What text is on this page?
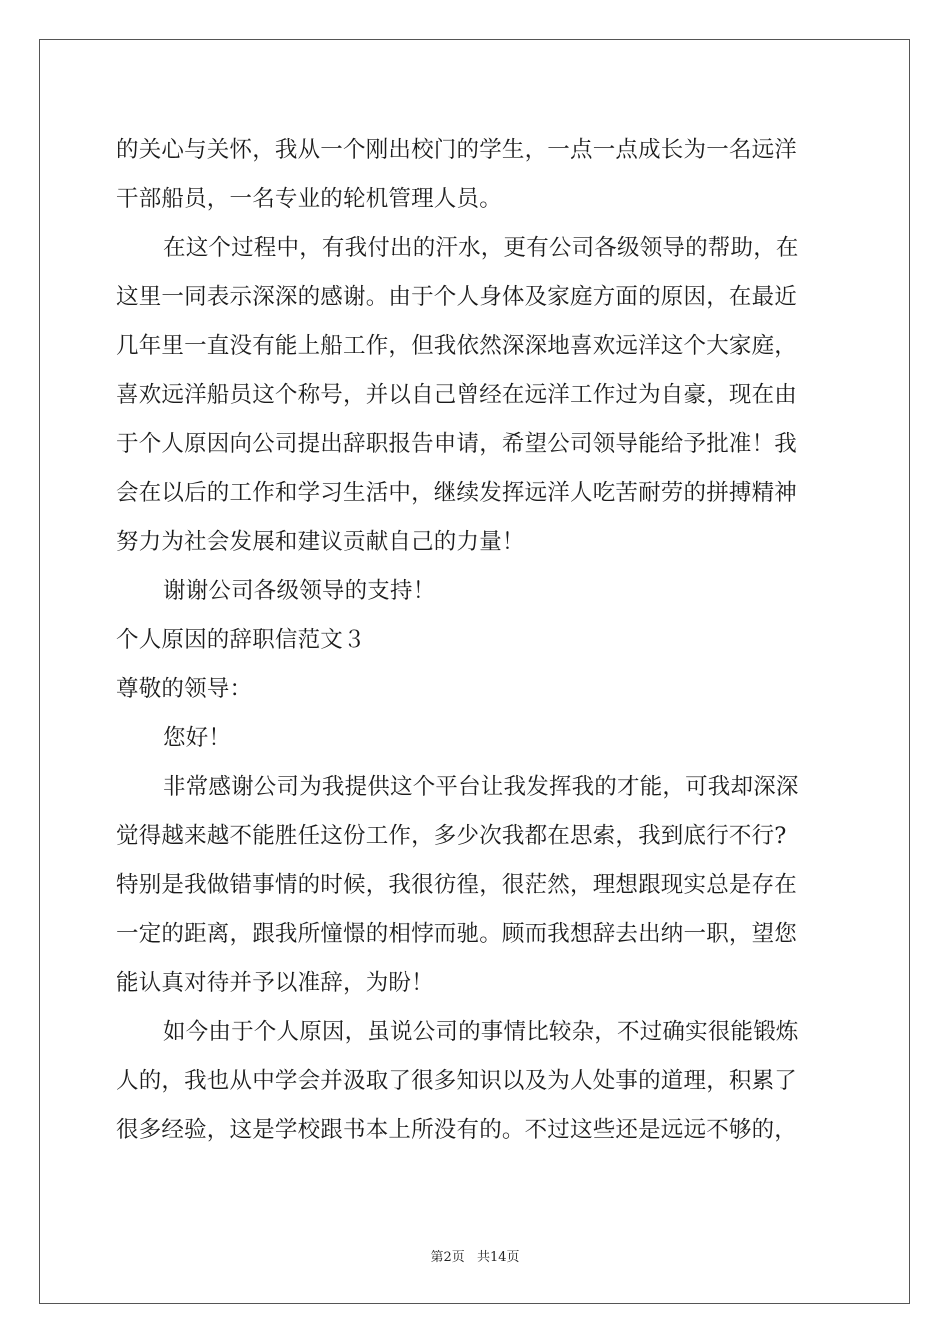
的关心与关怀，我从一个刚出校门的学生，一点一点成长为一名远洋
干部船员，一名专业的轮机管理人员。
在这个过程中，有我付出的汗水，更有公司各级领导的帮助，在
这里一同表示深深的感谢。由于个人身体及家庭方面的原因，在最近
几年里一直没有能上船工作，但我依然深深地喜欢远洋这个大家庭，
喜欢远洋船员这个称号，并以自己曾经在远洋工作过为自豪，现在由
于个人原因向公司提出辞职报告申请，希望公司领导能给予批准！我
会在以后的工作和学习生活中，继续发挥远洋人吃苦耐劳的拼搏精神
努力为社会发展和建议贡献自己的力量！
谢谢公司各级领导的支持！
个人原因的辞职信范文３
尊敬的领导：
您好！
非常感谢公司为我提供这个平台让我发挥我的才能，可我却深深
觉得越来越不能胜任这份工作，多少次我都在思索，我到底行不行?
特别是我做错事情的时候，我很彷徨，很茫然，理想跟现实总是存在
一定的距离，跟我所憧憬的相悖而驰。顾而我想辞去出纳一职，望您
能认真对待并予以准辞，为盼！
如今由于个人原因，虽说公司的事情比较杂，不过确实很能锻炼
人的，我也从中学会并汲取了很多知识以及为人处事的道理，积累了
很多经验，这是学校跟书本上所没有的。不过这些还是远远不够的，
第2页 共14页
